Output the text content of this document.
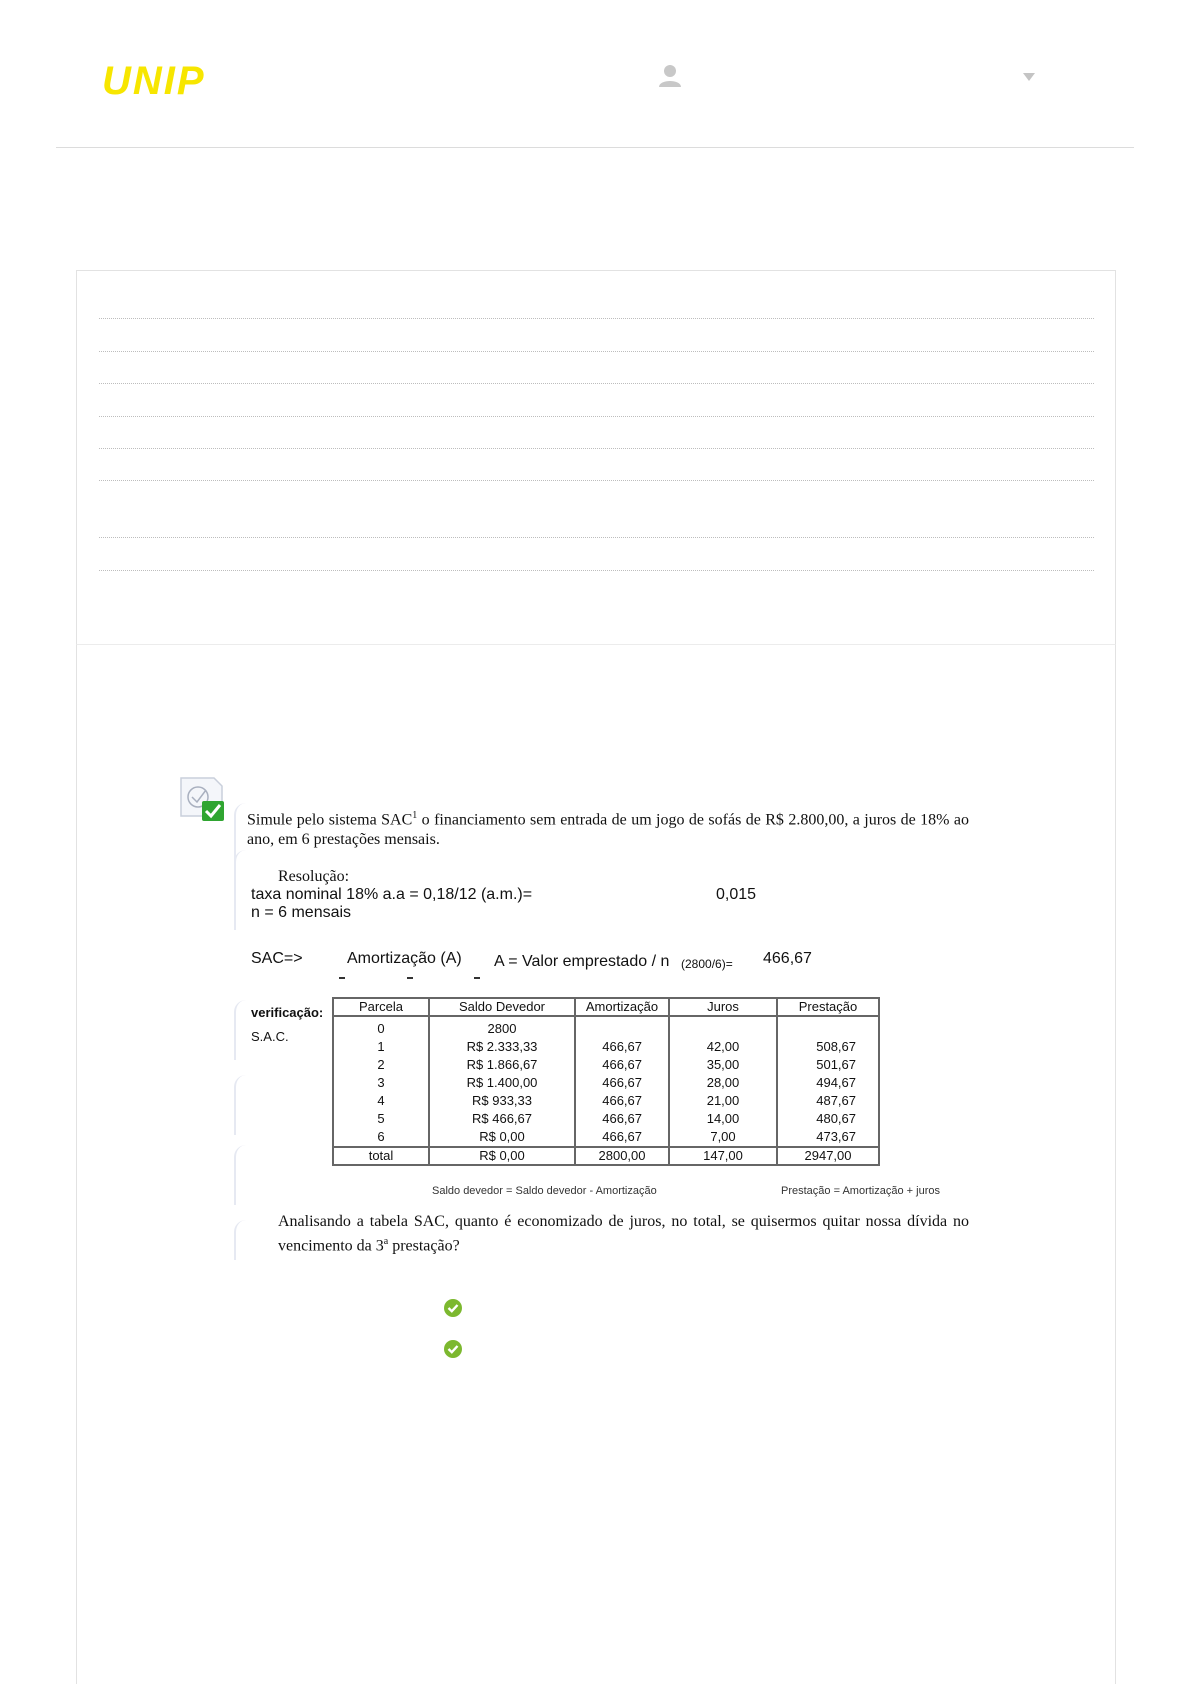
UNIP
Simule pelo sistema SAC$^1$ o financiamento sem entrada de um jogo de sofás de R$ 2.800,00, a juros de 18% ao ano, em 6 prestações mensais.
Resolução:
taxa nominal 18% a.a = 0,18/12 (a.m.)=	0,015
n = 6 mensais
SAC=>	Amortização (A) A = Valor emprestado / n (2800/6)= 466,67
verificação:
S.A.C.
Parcela	Saldo Devedor	Amortização	Juros	Prestação
0	2800			
1	R$ 2.333,33	466,67	42,00	508,67
2	R$ 1.866,67	466,67	35,00	501,67
3	R$ 1.400,00	466,67	28,00	494,67
4	R$ 933,33	466,67	21,00	487,67
5	R$ 466,67	466,67	14,00	480,67
6	R$ 0,00	466,67	7,00	473,67
total	R$ 0,00	2800,00	147,00	2947,00
Saldo devedor = Saldo devedor - Amortização	Prestação = Amortização + juros
Analisando a tabela SAC, quanto é economizado de juros, no total, se quisermos quitar nossa dívida no vencimento da 3$^a$ prestação?
